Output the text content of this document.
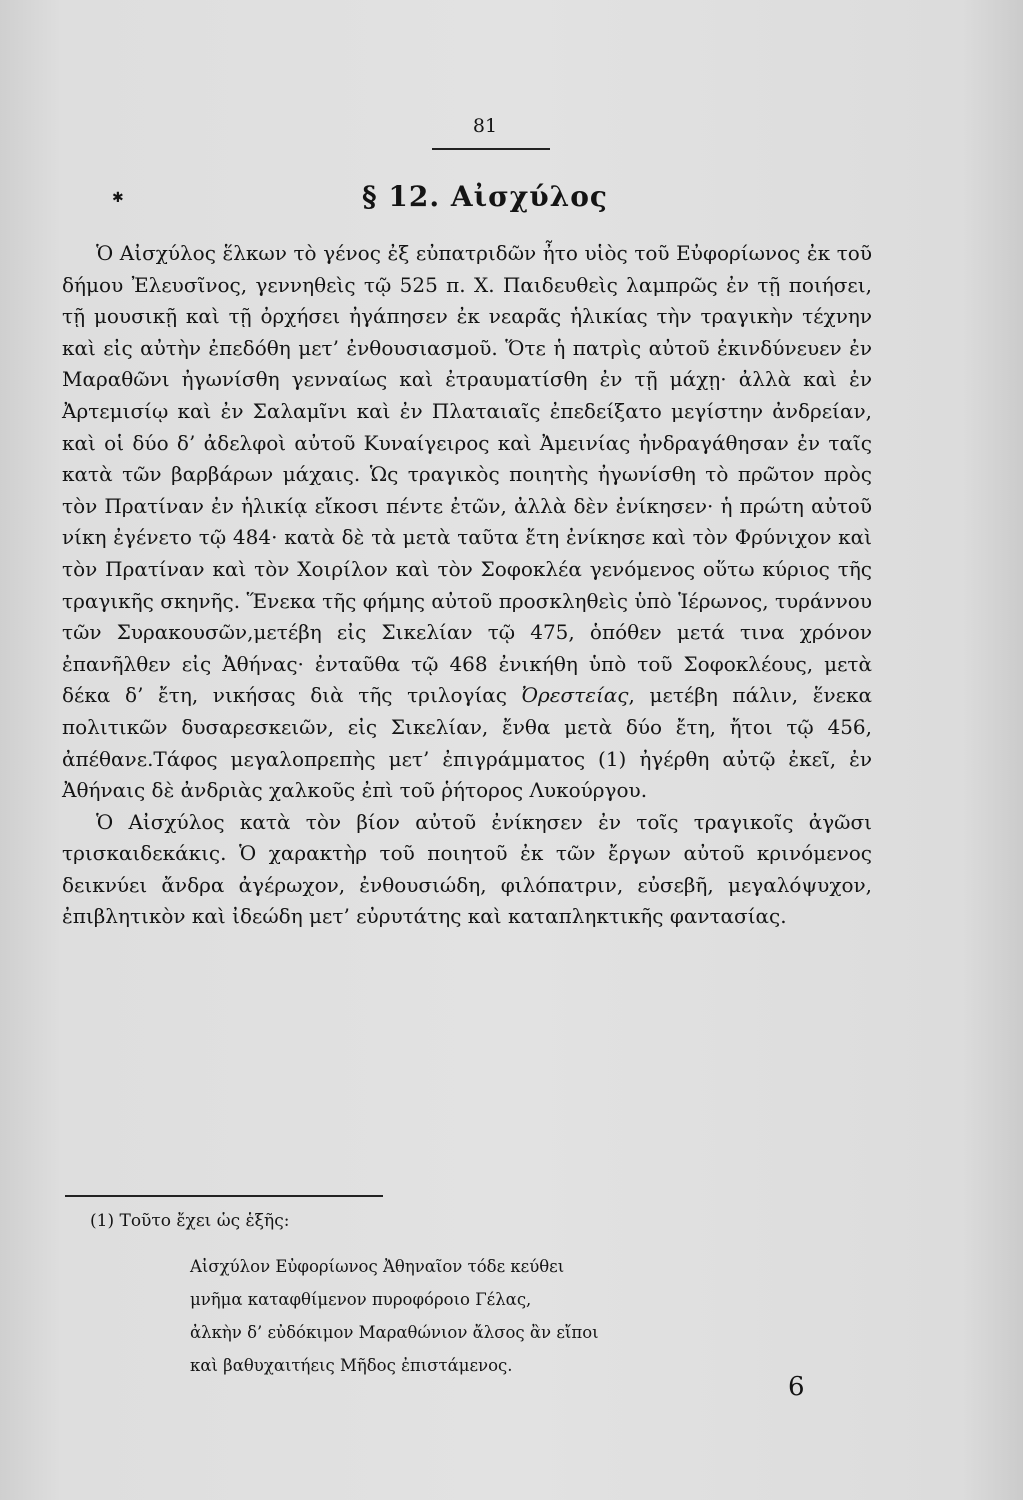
81
✱	§ 12. Αἰσχύλος

Ὁ Αἰσχύλος ἕλκων τὸ γένος ἐξ εὐπατριδῶν ἦτο υἱὸς τοῦ Εὐφορίωνος ἐκ τοῦ δήμου Ἐλευσῖνος, γεννηθεὶς τῷ 525 π. Χ. Παιδευθεὶς λαμπρῶς ἐν τῇ ποιήσει, τῇ μουσικῇ καὶ τῇ ὀρχήσει ἠγάπησεν ἐκ νεαρᾶς ἡλικίας τὴν τραγικὴν τέχνην καὶ εἰς αὐτὴν ἐπεδόθη μετ’ ἐνθουσιασμοῦ. Ὅτε ἡ πατρὶς αὐτοῦ ἐκινδύνευεν ἐν Μαραθῶνι ἠγωνίσθη γενναίως καὶ ἐτραυματίσθη ἐν τῇ μάχῃ· ἀλλὰ καὶ ἐν Ἀρτεμισίῳ καὶ ἐν Σαλαμῖνι καὶ ἐν Πλαταιαῖς ἐπεδείξατο μεγίστην ἀνδρείαν, καὶ οἱ δύο δ’ ἀδελφοὶ αὐτοῦ Κυναίγειρος καὶ Ἀμεινίας ἠνδραγάθησαν ἐν ταῖς κατὰ τῶν βαρβάρων μάχαις. Ὡς τραγικὸς ποιητὴς ἠγωνίσθη τὸ πρῶτον πρὸς τὸν Πρατίναν ἐν ἡλικίᾳ εἴκοσι πέντε ἐτῶν, ἀλλὰ δὲν ἐνίκησεν· ἡ πρώτη αὐτοῦ νίκη ἐγένετο τῷ 484· κατὰ δὲ τὰ μετὰ ταῦτα ἔτη ἐνίκησε καὶ τὸν Φρύνιχον καὶ τὸν Πρατίναν καὶ τὸν Χοιρίλον καὶ τὸν Σοφοκλέα γενόμενος οὕτω κύριος τῆς τραγικῆς σκηνῆς. Ἕνεκα τῆς φήμης αὐτοῦ προσκληθεὶς ὑπὸ Ἱέρωνος, τυράννου τῶν Συρακουσῶν,μετέβη εἰς Σικελίαν τῷ 475, ὁπόθεν μετά τινα χρόνον ἐπανῆλθεν εἰς Ἀθήνας· ἐνταῦθα τῷ 468 ἐνικήθη ὑπὸ τοῦ Σοφοκλέους, μετὰ δέκα δ’ ἔτη, νικήσας διὰ τῆς τριλογίας Ὀρεστείας, μετέβη πάλιν, ἕνεκα πολιτικῶν δυσαρεσκειῶν, εἰς Σικελίαν, ἔνθα μετὰ δύο ἔτη, ἤτοι τῷ 456, ἀπέθανε.Τάφος μεγαλοπρεπὴς μετ’ ἐπιγράμματος (1) ἠγέρθη αὐτῷ ἐκεῖ, ἐν Ἀθήναις δὲ ἀνδριὰς χαλκοῦς ἐπὶ τοῦ ῥήτορος Λυκούργου.

Ὁ Αἰσχύλος κατὰ τὸν βίον αὐτοῦ ἐνίκησεν ἐν τοῖς τραγικοῖς ἀγῶσι τρισκαιδεκάκις. Ὁ χαρακτὴρ τοῦ ποιητοῦ ἐκ τῶν ἔργων αὐτοῦ κρινόμενος δεικνύει ἄνδρα ἀγέρωχον, ἐνθουσιώδη, φιλόπατριν, εὐσεβῆ, μεγαλόψυχον, ἐπιβλητικὸν καὶ ἰδεώδη μετ’ εὐρυτάτης καὶ καταπληκτικῆς φαντασίας.

(1) Τοῦτο ἔχει ὡς ἑξῆς:
Αἰσχύλον Εὐφορίωνος Ἀθηναῖον τόδε κεύθει
μνῆμα καταφθίμενον πυροφόροιο Γέλας,
ἀλκὴν δ’ εὐδόκιμον Μαραθώνιον ἄλσος ἂν εἴποι
καὶ βαθυχαιτήεις Μῆδος ἐπιστάμενος.
6
